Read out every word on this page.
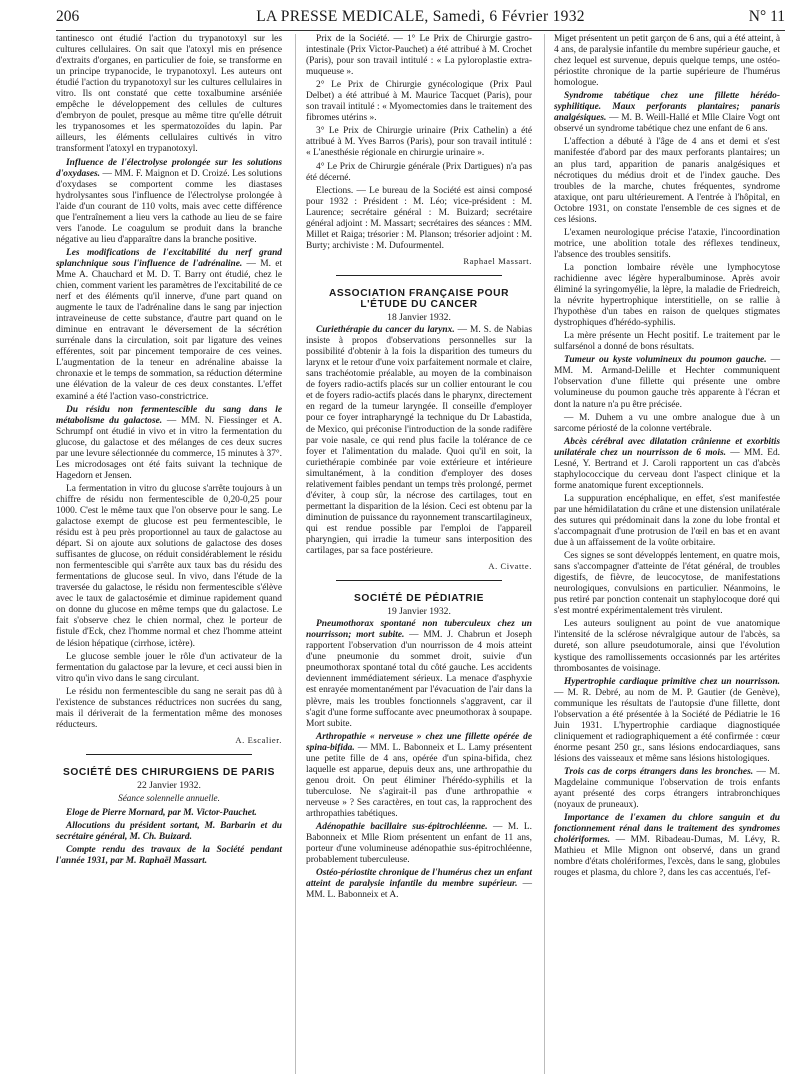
206	LA PRESSE MEDICALE, Samedi, 6 Février 1932	N° 11

tantinesco ont étudié l'action du trypanotoxyl sur les cultures cellulaires. On sait que l'atoxyl mis en présence d'extraits d'organes, en particulier de foie, se transforme en un principe trypanocide, le trypanotoxyl. Les auteurs ont étudié l'action du trypanotoxyl sur les cultures cellulaires in vitro. Ils ont constaté que cette toxalbumine arséniée empêche le développement des cellules de cultures d'embryon de poulet, presque au même titre qu'elle détruit les trypanosomes et les spermatozoïdes du lapin. Par ailleurs, les éléments cellulaires cultivés in vitro transforment l'atoxyl en trypanotoxyl.

Influence de l'électrolyse prolongée sur les solutions d'oxydases. — MM. F. Maignon et D. Croizé. Les solutions d'oxydases se comportent comme les diastases hydrolysantes sous l'influence de l'électrolyse prolongée à l'aide d'un courant de 110 volts, mais avec cette différence que l'entraînement a lieu vers la cathode au lieu de se faire vers l'anode. Le coagulum se produit dans la branche négative au lieu d'apparaître dans la branche positive.

Les modifications de l'excitabilité du nerf grand splanchnique sous l'influence de l'adrénaline. — M. et Mme A. Chauchard et M. D. T. Barry ont étudié, chez le chien, comment varient les paramètres de l'excitabilité de ce nerf et des éléments qu'il innerve, d'une part quand on augmente le taux de l'adrénaline dans le sang par injection intraveineuse de cette substance, d'autre part quand on le diminue en entravant le déversement de la sécrétion surrénale dans la circulation, soit par ligature des veines efférentes, soit par pincement temporaire de ces veines. L'augmentation de la teneur en adrénaline abaisse la chronaxie et le temps de sommation, sa réduction détermine une élévation de la valeur de ces deux constantes. L'effet examiné a été l'action vaso-constrictrice.

Du résidu non fermentescible du sang dans le métabolisme du galactose. — MM. N. Fiessinger et A. Schrumpf ont étudié in vivo et in vitro la fermentation du glucose, du galactose et des mélanges de ces deux sucres par une levure sélectionnée du commerce, 15 minutes à 37°. Les microdosages ont été faits suivant la technique de Hagedorn et Jensen.

La fermentation in vitro du glucose s'arrête toujours à un chiffre de résidu non fermentescible de 0,20-0,25 pour 1000. C'est le même taux que l'on observe pour le sang. Le galactose exempt de glucose est peu fermentescible, le résidu est à peu près proportionnel au taux de galactose au départ. Si on ajoute aux solutions de galactose des doses suffisantes de glucose, on réduit considérablement le résidu non fermentescible qui s'arrête aux taux bas du résidu des fermentations de glucose seul. In vivo, dans l'étude de la traversée du galactose, le résidu non fermentescible s'élève avec le taux de galactosémie et diminue rapidement quand on donne du glucose en même temps que du galactose. Le fait s'observe chez le chien normal, chez le porteur de fistule d'Eck, chez l'homme normal et chez l'homme atteint de lésion hépatique (cirrhose, ictère).

Le glucose semble jouer le rôle d'un activateur de la fermentation du galactose par la levure, et ceci aussi bien in vitro qu'in vivo dans le sang circulant.

Le résidu non fermentescible du sang ne serait pas dû à l'existence de substances réductrices non sucrées du sang, mais il dériverait de la fermentation même des monoses réducteurs.

A. Escalier.
SOCIÉTÉ DES CHIRURGIENS DE PARIS
22 Janvier 1932.
Séance solennelle annuelle.

Eloge de Pierre Mornard, par M. Victor-Pauchet.

Allocutions du président sortant, M. Barbarin et du secrétaire général, M. Ch. Buizard.

Compte rendu des travaux de la Société pendant l'année 1931, par M. Raphaël Massart.

Prix de la Société. — 1° Le Prix de Chirurgie gastro-intestinale (Prix Victor-Pauchet) a été attribué à M. Crochet (Paris), pour son travail intitulé : « La pyloroplastie extra-muqueuse ».

2° Le Prix de Chirurgie gynécologique (Prix Paul Delbet) a été attribué à M. Maurice Tacquet (Paris), pour son travail intitulé : « Myomectomies dans le traitement des fibromes utérins ».

3° Le Prix de Chirurgie urinaire (Prix Cathelin) a été attribué à M. Yves Barros (Paris), pour son travail intitulé : « L'anesthésie régionale en chirurgie urinaire ».

4° Le Prix de Chirurgie générale (Prix Dartigues) n'a pas été décerné.

Elections. — Le bureau de la Société est ainsi composé pour 1932 : Président : M. Léo; vice-président : M. Laurence; secrétaire général : M. Buizard; secrétaire général adjoint : M. Massart; secrétaires des séances : MM. Millet et Raiga; trésorier : M. Planson; trésorier adjoint : M. Burty; archiviste : M. Dufourmentel.

Raphael Massart.
ASSOCIATION FRANÇAISE POUR L'ÉTUDE DU CANCER
18 Janvier 1932.

Curiethérapie du cancer du larynx. — M. S. de Nabias insiste à propos d'observations personnelles sur la possibilité d'obtenir à la fois la disparition des tumeurs du larynx et le retour d'une voix parfaitement normale et claire, sans trachéotomie préalable, au moyen de la combinaison de foyers radio-actifs placés sur un collier entourant le cou et de foyers radio-actifs placés dans le pharynx, directement en regard de la tumeur laryngée. Il conseille d'employer pour ce foyer intrapharyngé la technique du Dr Labastida, de Mexico, qui préconise l'introduction de la sonde radifère par voie nasale, ce qui rend plus facile la tolérance de ce foyer et l'alimentation du malade. Quoi qu'il en soit, la curiethérapie combinée par voie extérieure et intérieure simultanément, à la condition d'employer des doses relativement faibles pendant un temps très prolongé, permet d'éviter, à coup sûr, la nécrose des cartilages, tout en permettant la disparition de la lésion. Ceci est obtenu par la diminution de puissance du rayonnement transcartilagineux, qui est rendue possible par l'emploi de l'appareil pharyngien, qui irradie la tumeur sans interposition des cartilages, par sa face postérieure.

A. Civatte.
SOCIÉTÉ DE PÉDIATRIE
19 Janvier 1932.

Pneumothorax spontané non tuberculeux chez un nourrisson; mort subite. — MM. J. Chabrun et Joseph rapportent l'observation d'un nourrisson de 4 mois atteint d'une pneumonie du sommet droit, suivie d'un pneumothorax spontané total du côté gauche. Les accidents deviennent immédiatement sérieux. La menace d'asphyxie est enrayée momentanément par l'évacuation de l'air dans la plèvre, mais les troubles fonctionnels s'aggravent, car il s'agit d'une forme suffocante avec pneumothorax à soupape. Mort subite.

Arthropathie « nerveuse » chez une fillette opérée de spina-bifida. — MM. L. Babonneix et L. Lamy présentent une petite fille de 4 ans, opérée d'un spina-bifida, chez laquelle est apparue, depuis deux ans, une arthropathie du genou droit. On peut éliminer l'hérédo-syphilis et la tuberculose. Ne s'agirait-il pas d'une arthropathie « nerveuse » ? Ses caractères, en tout cas, la rapprochent des arthropathies tabétiques.

Adénopathie bacillaire sus-épitrochléenne. — M. L. Babonneix et Mlle Riom présentent un enfant de 11 ans, porteur d'une volumineuse adénopathie sus-épitrochléenne, probablement tuberculeuse.

Ostéo-périostite chronique de l'humérus chez un enfant atteint de paralysie infantile du membre supérieur. — MM. L. Babonneix et A.

Miget présentent un petit garçon de 6 ans, qui a été atteint, à 4 ans, de paralysie infantile du membre supérieur gauche, et chez lequel est survenue, depuis quelque temps, une ostéo-périostite chronique de la partie supérieure de l'humérus homologue.

Syndrome tabétique chez une fillette hérédo-syphilitique. Maux perforants plantaires; panaris analgésiques. — M. B. Weill-Hallé et Mlle Claire Vogt ont observé un syndrome tabétique chez une enfant de 6 ans.

L'affection a débuté à l'âge de 4 ans et demi et s'est manifestée d'abord par des maux perforants plantaires; un an plus tard, apparition de panaris analgésiques et nécrotiques du médius droit et de l'index gauche. Des troubles de la marche, chutes fréquentes, syndrome ataxique, ont paru ultérieurement. A l'entrée à l'hôpital, en Octobre 1931, on constate l'ensemble de ces signes et de ces lésions.

L'examen neurologique précise l'ataxie, l'incoordination motrice, une abolition totale des réflexes tendineux, l'absence des troubles sensitifs.

La ponction lombaire révèle une lymphocytose rachidienne avec légère hyperalbuminose. Après avoir éliminé la syringomyélie, la lèpre, la maladie de Friedreich, la névrite hypertrophique interstitielle, on se rallie à l'hypothèse d'un tabes en raison de quelques stigmates dystrophiques d'hérédo-syphilis.

La mère présente un Hecht positif. Le traitement par le sulfarsénol a donné de bons résultats.

Tumeur ou kyste volumineux du poumon gauche. — MM. M. Armand-Delille et Hechter communiquent l'observation d'une fillette qui présente une ombre volumineuse du poumon gauche très apparente à l'écran et dont la nature n'a pu être précisée.

— M. Duhem a vu une ombre analogue due à un sarcome périosté de la colonne vertébrale.

Abcès cérébral avec dilatation crânienne et exorbitis unilatérale chez un nourrisson de 6 mois. — MM. Ed. Lesné, Y. Bertrand et J. Caroli rapportent un cas d'abcès staphylococcique du cerveau dont l'aspect clinique et la forme anatomique furent exceptionnels.

La suppuration encéphalique, en effet, s'est manifestée par une hémidilatation du crâne et une distension unilatérale des sutures qui prédominait dans la zone du lobe frontal et s'accompagnait d'une protrusion de l'œil en bas et en avant due à un affaissement de la voûte orbitaire.

Ces signes se sont développés lentement, en quatre mois, sans s'accompagner d'atteinte de l'état général, de troubles digestifs, de fièvre, de leucocytose, de manifestations neurologiques, convulsions en particulier. Néanmoins, le pus retiré par ponction contenait un staphylocoque doré qui s'est montré expérimentalement très virulent.

Les auteurs soulignent au point de vue anatomique l'intensité de la sclérose névralgique autour de l'abcès, sa dureté, son allure pseudotumorale, ainsi que l'évolution kystique des ramollissements occasionnés par les artérites thrombosantes de voisinage.

Hypertrophie cardiaque primitive chez un nourrisson. — M. R. Debré, au nom de M. P. Gautier (de Genève), communique les résultats de l'autopsie d'une fillette, dont l'observation a été présentée à la Société de Pédiatrie le 16 Juin 1931. L'hypertrophie cardiaque diagnostiquée cliniquement et radiographiquement a été confirmée : cœur énorme pesant 250 gr., sans lésions endocardiaques, sans lésions des vaisseaux et même sans lésions histologiques.

Trois cas de corps étrangers dans les bronches. — M. Magdelaine communique l'observation de trois enfants ayant présenté des corps étrangers intrabronchiques (noyaux de pruneaux).

Importance de l'examen du chlore sanguin et du fonctionnement rénal dans le traitement des syndromes cholériformes. — MM. Ribadeau-Dumas, M. Lévy, R. Mathieu et Mlle Mignon ont observé, dans un grand nombre d'états cholériformes, l'excès, dans le sang, globules rouges et plasma, du chlore ?, dans les cas accentués, l'ef-
